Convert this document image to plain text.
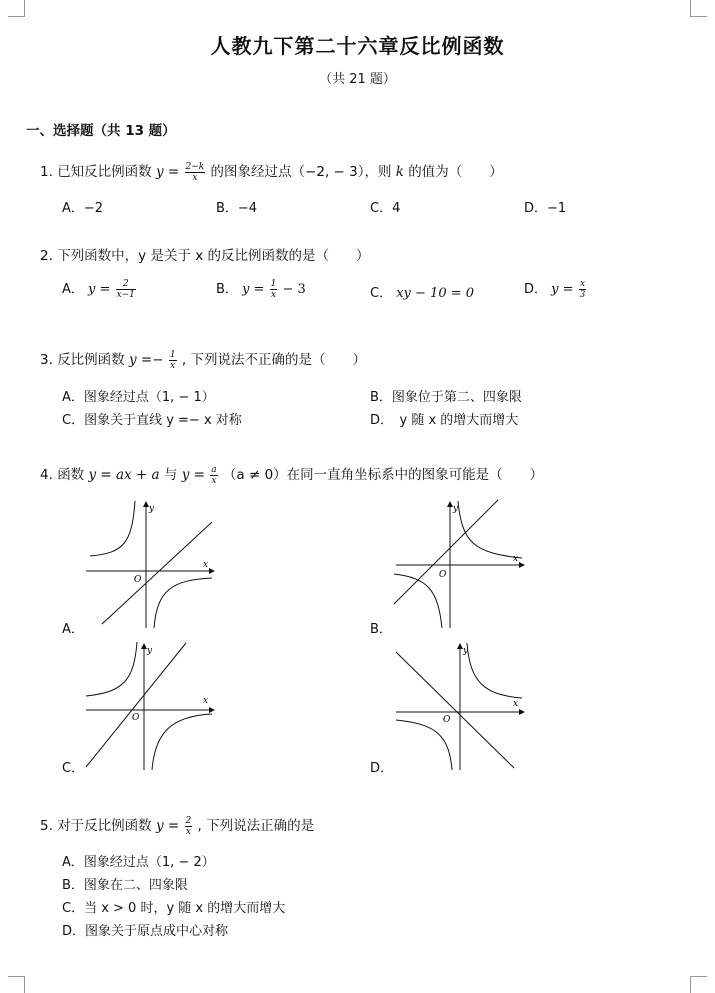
人教九下第二十六章反比例函数
（共 21 题）
一、选择题（共 13 题）
1. 已知反比例函数 $y = \frac{2-k}{x}$ 的图象经过点（−2, − 3），则 k 的值为（　　）
A．−2	B．−4	C．4	D．−1
2. 下列函数中，y 是关于 x 的反比例函数的是（　　）
A． $y = \frac{2}{x-1}$	B． $y = \frac{1}{x} - 3$	C． xy − 10 = 0	D． $y = \frac{x}{3}$
3. 反比例函数 $y =- \frac{1}{x}$ , 下列说法不正确的是（　　）
A．图象经过点（1, − 1）	B．图象位于第二、四象限
C．图象关于直线 y =− x 对称	D．　y 随 x 的增大而增大
4. 函数 y = ax + a 与 $y = \frac{a}{x} (a \ne 0)$在同一直角坐标系中的图象可能是（　　）
x
y
O
A．
x
y
O
B．
x
y
O
C．
x
y
O
D．
5. 对于反比例函数 $y = \frac{2}{x}$ , 下列说法正确的是
A．图象经过点（1, − 2）
B．图象在二、四象限
C．当 x > 0 时，y 随 x 的增大而增大
D．图象关于原点成中心对称
